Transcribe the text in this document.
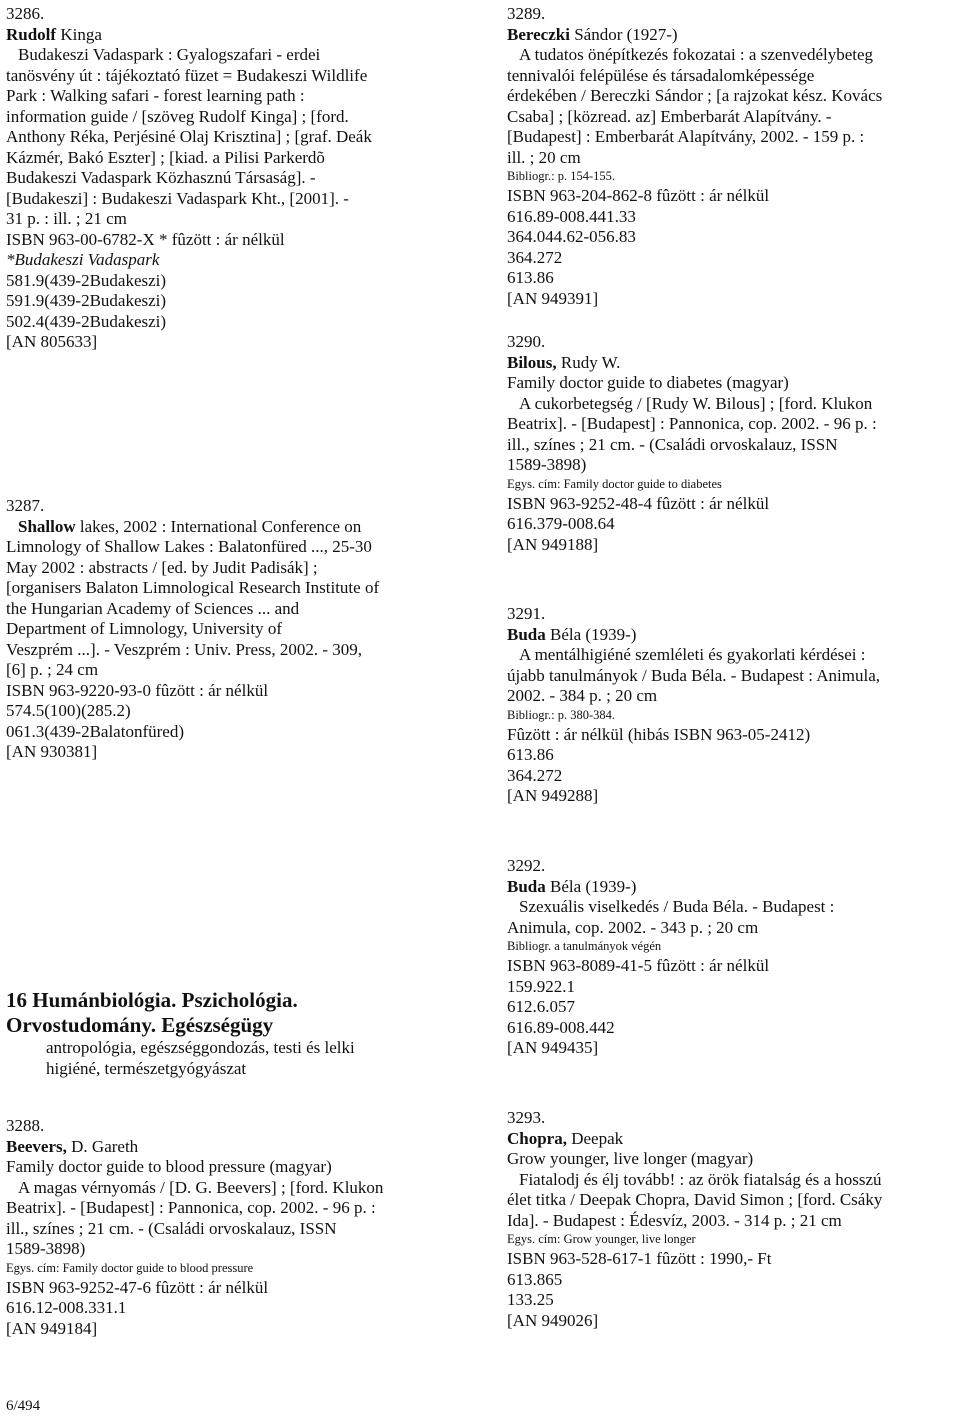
3286.
Rudolf Kinga
Budakeszi Vadaspark : Gyalogszafari - erdei
tanösvény út : tájékoztató füzet = Budakeszi Wildlife
Park : Walking safari - forest learning path :
information guide / [szöveg Rudolf Kinga] ; [ford.
Anthony Réka, Perjésiné Olaj Krisztina] ; [graf. Deák
Kázmér, Bakó Eszter] ; [kiad. a Pilisi Parkerdõ
Budakeszi Vadaspark Közhasznú Társaság]. -
[Budakeszi] : Budakeszi Vadaspark Kht., [2001]. -
31 p. : ill. ; 21 cm
ISBN 963-00-6782-X * fûzött : ár nélkül
*Budakeszi Vadaspark
581.9(439-2Budakeszi)
591.9(439-2Budakeszi)
502.4(439-2Budakeszi)
[AN 805633]
3287.
Shallow lakes, 2002 : International Conference on
Limnology of Shallow Lakes : Balatonfüred ..., 25-30
May 2002 : abstracts / [ed. by Judit Padisák] ;
[organisers Balaton Limnological Research Institute of
the Hungarian Academy of Sciences ... and
Department of Limnology, University of
Veszprém ...]. - Veszprém : Univ. Press, 2002. - 309,
[6] p. ; 24 cm
ISBN 963-9220-93-0 fûzött : ár nélkül
574.5(100)(285.2)
061.3(439-2Balatonfüred)
[AN 930381]
3288.
Beevers, D. Gareth
Family doctor guide to blood pressure (magyar)
A magas vérnyomás / [D. G. Beevers] ; [ford. Klukon
Beatrix]. - [Budapest] : Pannonica, cop. 2002. - 96 p. :
ill., színes ; 21 cm. - (Családi orvoskalauz, ISSN
1589-3898)
Egys. cím: Family doctor guide to blood pressure
ISBN 963-9252-47-6 fûzött : ár nélkül
616.12-008.331.1
[AN 949184]
16 Humánbiológia. Pszichológia.
Orvostudomány. Egészségügy
antropológia, egészséggondozás, testi és lelki
higiéné, természetgyógyászat
3289.
Bereczki Sándor (1927-)
A tudatos önépítkezés fokozatai : a szenvedélybeteg
tennivalói felépülése és társadalomképessége
érdekében / Bereczki Sándor ; [a rajzokat kész. Kovács
Csaba] ; [közread. az] Emberbarát Alapítvány. -
[Budapest] : Emberbarát Alapítvány, 2002. - 159 p. :
ill. ; 20 cm
Bibliogr.: p. 154-155.
ISBN 963-204-862-8 fûzött : ár nélkül
616.89-008.441.33
364.044.62-056.83
364.272
613.86
[AN 949391]
3290.
Bilous, Rudy W.
Family doctor guide to diabetes (magyar)
A cukorbetegség / [Rudy W. Bilous] ; [ford. Klukon
Beatrix]. - [Budapest] : Pannonica, cop. 2002. - 96 p. :
ill., színes ; 21 cm. - (Családi orvoskalauz, ISSN
1589-3898)
Egys. cím: Family doctor guide to diabetes
ISBN 963-9252-48-4 fûzött : ár nélkül
616.379-008.64
[AN 949188]
3291.
Buda Béla (1939-)
A mentálhigiéné szemléleti és gyakorlati kérdései :
újabb tanulmányok / Buda Béla. - Budapest : Animula,
2002. - 384 p. ; 20 cm
Bibliogr.: p. 380-384.
Fûzött : ár nélkül (hibás ISBN 963-05-2412)
613.86
364.272
[AN 949288]
3292.
Buda Béla (1939-)
Szexuális viselkedés / Buda Béla. - Budapest :
Animula, cop. 2002. - 343 p. ; 20 cm
Bibliogr. a tanulmányok végén
ISBN 963-8089-41-5 fûzött : ár nélkül
159.922.1
612.6.057
616.89-008.442
[AN 949435]
3293.
Chopra, Deepak
Grow younger, live longer (magyar)
Fiatalodj és élj tovább! : az örök fiatalság és a hosszú
élet titka / Deepak Chopra, David Simon ; [ford. Csáky
Ida]. - Budapest : Édesvíz, 2003. - 314 p. ; 21 cm
Egys. cím: Grow younger, live longer
ISBN 963-528-617-1 fûzött : 1990,- Ft
613.865
133.25
[AN 949026]
6/494
